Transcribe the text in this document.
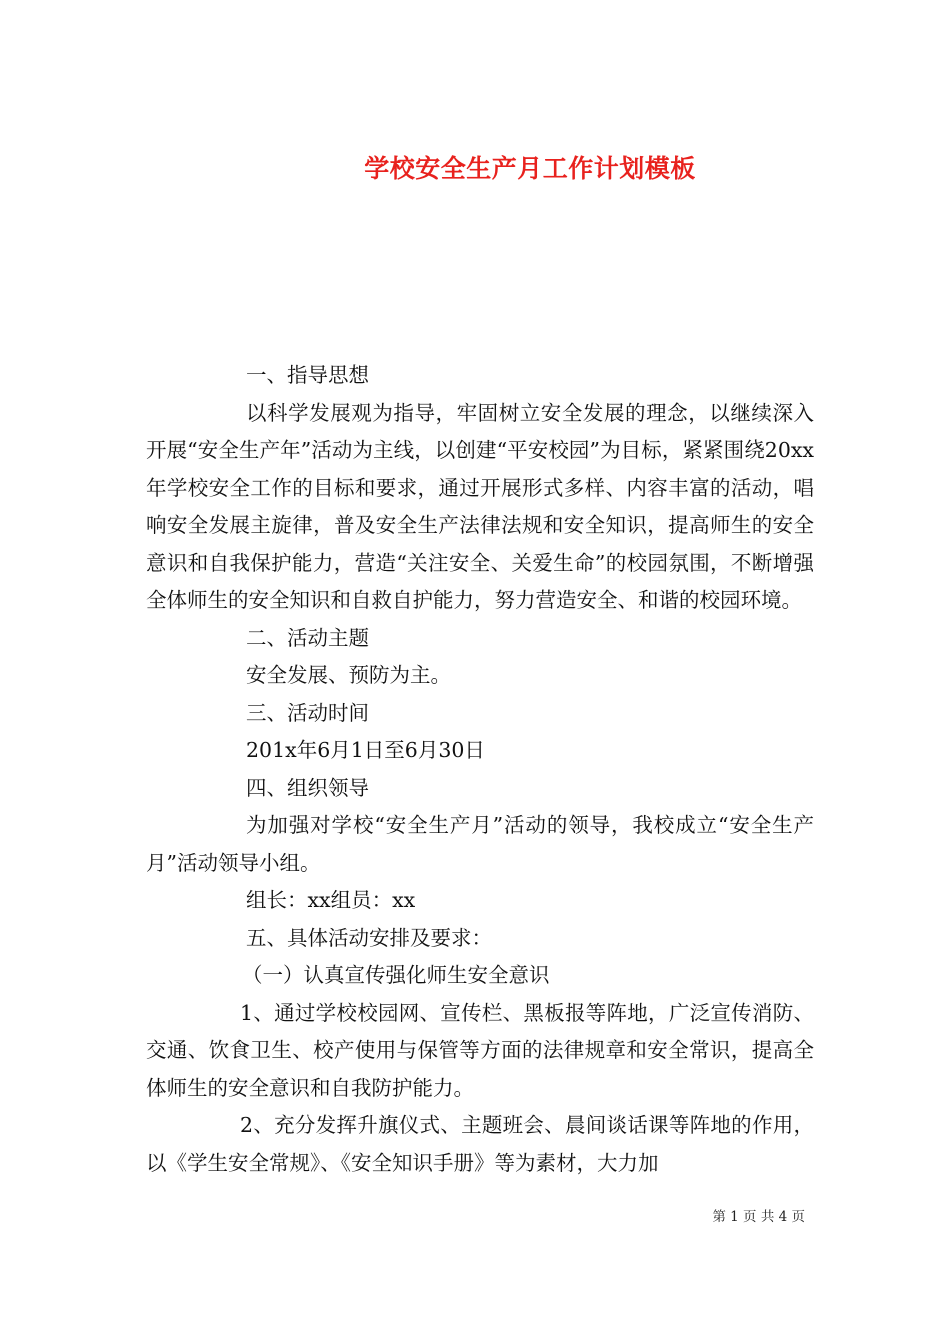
学校安全生产月工作计划模板

一、指导思想

以科学发展观为指导，牢固树立安全发展的理念，以继续深入开展“安全生产年”活动为主线，以创建“平安校园”为目标，紧紧围绕20xx年学校安全工作的目标和要求，通过开展形式多样、内容丰富的活动，唱响安全发展主旋律，普及安全生产法律法规和安全知识，提高师生的安全意识和自我保护能力，营造“关注安全、关爱生命”的校园氛围，不断增强全体师生的安全知识和自救自护能力，努力营造安全、和谐的校园环境。

二、活动主题

安全发展、预防为主。

三、活动时间

201x年6月1日至6月30日

四、组织领导

为加强对学校“安全生产月”活动的领导，我校成立“安全生产月”活动领导小组。

组长：xx组员：xx

五、具体活动安排及要求：

（一）认真宣传强化师生安全意识

1、通过学校校园网、宣传栏、黑板报等阵地，广泛宣传消防、交通、饮食卫生、校产使用与保管等方面的法律规章和安全常识，提高全体师生的安全意识和自我防护能力。

2、充分发挥升旗仪式、主题班会、晨间谈话课等阵地的作用，以《学生安全常规》、《安全知识手册》等为素材，大力加

第 1 页 共 4 页
